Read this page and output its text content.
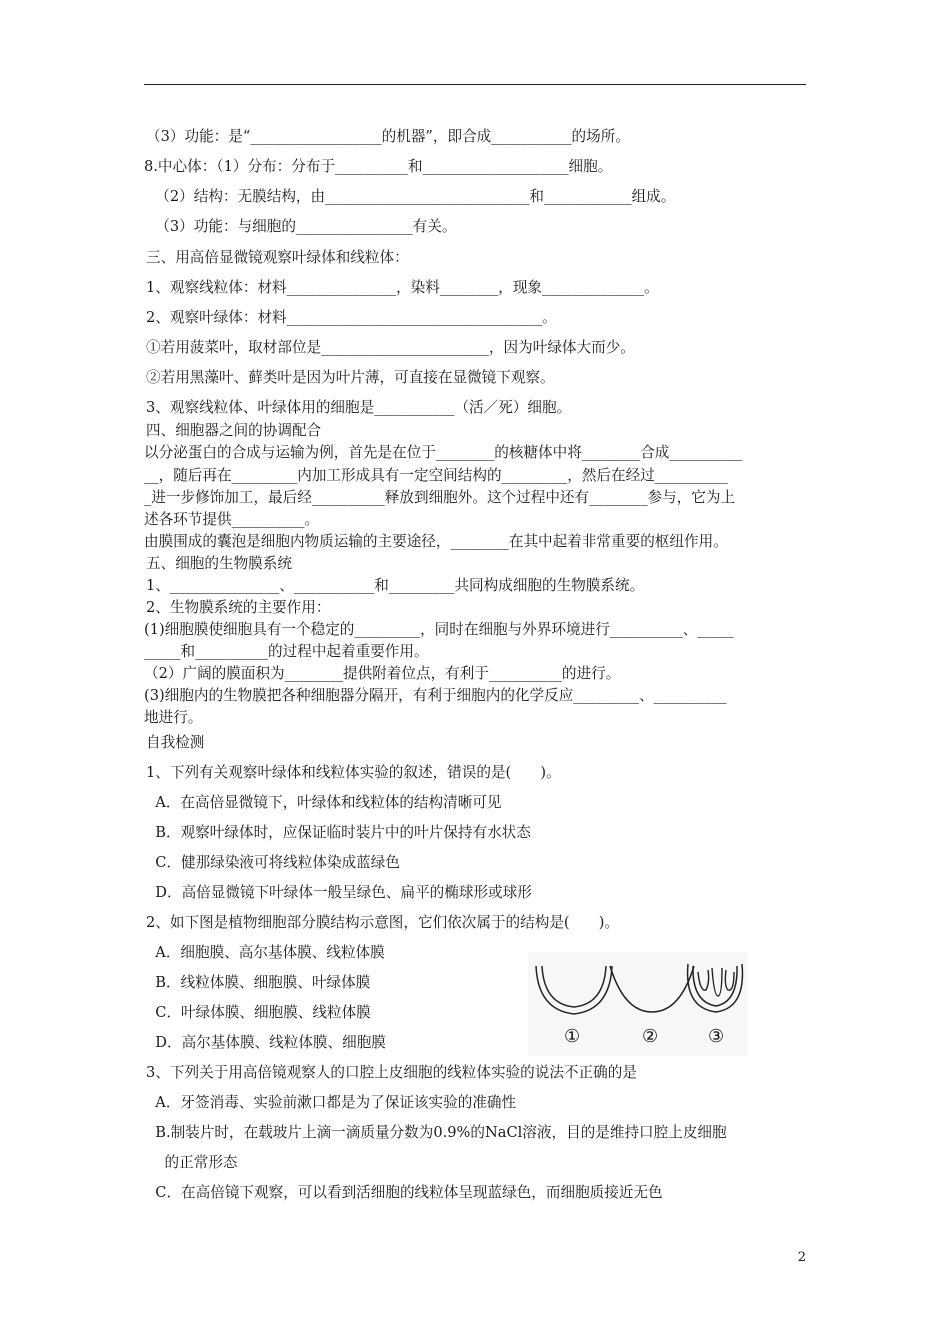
（3）功能：是“__________________的机器”，即合成___________的场所。
8.中心体：（1）分布：分布于__________和____________________细胞。
（2）结构：无膜结构，由____________________________和____________组成。
（3）功能：与细胞的________________有关。
三、用高倍显微镜观察叶绿体和线粒体：
1、观察线粒体：材料_______________，染料________，现象______________。
2、观察叶绿体：材料___________________________________。
①若用菠菜叶，取材部位是_______________________，因为叶绿体大而少。
②若用黑藻叶、藓类叶是因为叶片薄，可直接在显微镜下观察。
3、观察线粒体、叶绿体用的细胞是___________（活／死）细胞。
四、细胞器之间的协调配合
以分泌蛋白的合成与运输为例，首先是在位于________的核糖体中将________合成__________
__，随后再在_________内加工形成具有一定空间结构的_________，然后在经过__________
_进一步修饰加工，最后经__________释放到细胞外。这个过程中还有________参与，它为上
述各环节提供__________。
由膜围成的囊泡是细胞内物质运输的主要途径，________在其中起着非常重要的枢纽作用。
五、细胞的生物膜系统
1、_______________、___________和_________共同构成细胞的生物膜系统。
2、生物膜系统的主要作用：
(1)细胞膜使细胞具有一个稳定的_________，同时在细胞与外界环境进行__________、_____
_____和__________的过程中起着重要作用。
（2）广阔的膜面积为________提供附着位点，有利于__________的进行。
(3)细胞内的生物膜把各种细胞器分隔开，有利于细胞内的化学反应_________、__________
地进行。
自我检测
1、下列有关观察叶绿体和线粒体实验的叙述，错误的是(　　)。
A．在高倍显微镜下，叶绿体和线粒体的结构清晰可见
B．观察叶绿体时，应保证临时装片中的叶片保持有水状态
C．健那绿染液可将线粒体染成蓝绿色
D．高倍显微镜下叶绿体一般呈绿色、扁平的椭球形或球形
2、如下图是植物细胞部分膜结构示意图，它们依次属于的结构是(　　)。
A．细胞膜、高尔基体膜、线粒体膜
B．线粒体膜、细胞膜、叶绿体膜
C．叶绿体膜、细胞膜、线粒体膜
D．高尔基体膜、线粒体膜、细胞膜
3、下列关于用高倍镜观察人的口腔上皮细胞的线粒体实验的说法不正确的是
A．牙签消毒、实验前漱口都是为了保证该实验的准确性
B.制装片时，在载玻片上滴一滴质量分数为0.9%的NaCl溶液，目的是维持口腔上皮细胞
的正常形态
C．在高倍镜下观察，可以看到活细胞的线粒体呈现蓝绿色，而细胞质接近无色
①	②	③
2
